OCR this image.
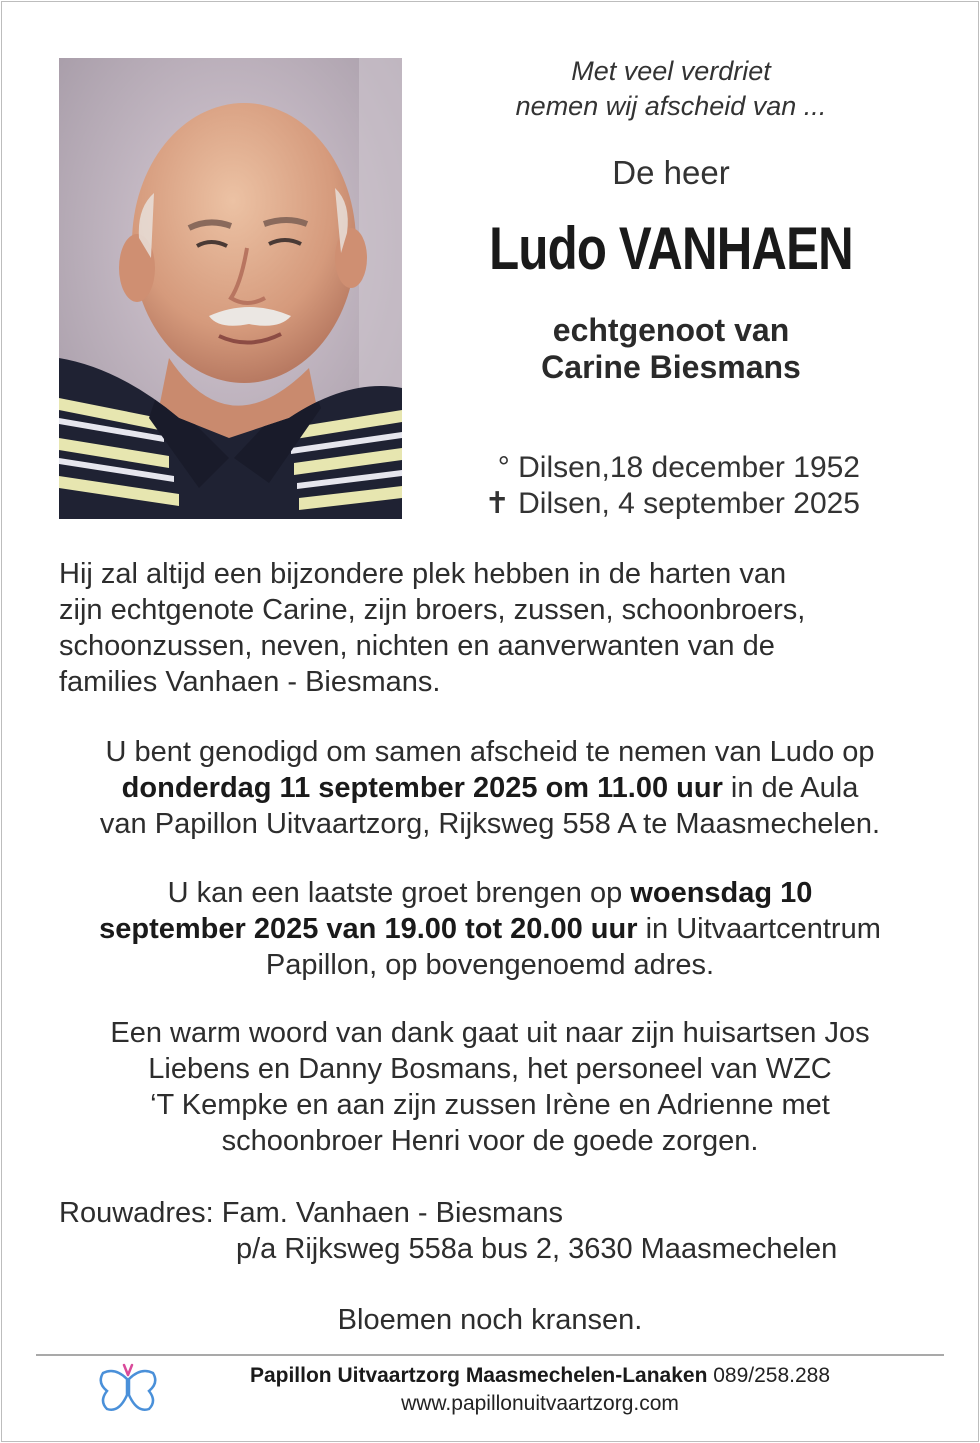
Met veel verdriet
nemen wij afscheid van ...
De heer
Ludo VANHAEN
echtgenoot van
Carine Biesmans
° Dilsen,18 december 1952
✝ Dilsen, 4 september 2025
Hij zal altijd een bijzondere plek hebben in de harten van
zijn echtgenote Carine, zijn broers, zussen, schoonbroers,
schoonzussen, neven, nichten en aanverwanten van de
families Vanhaen - Biesmans.
U bent genodigd om samen afscheid te nemen van Ludo op
donderdag 11 september 2025 om 11.00 uur in de Aula
van Papillon Uitvaartzorg, Rijksweg 558 A te Maasmechelen.
U kan een laatste groet brengen op woensdag 10
september 2025 van 19.00 tot 20.00 uur in Uitvaartcentrum
Papillon, op bovengenoemd adres.
Een warm woord van dank gaat uit naar zijn huisartsen Jos
Liebens en Danny Bosmans, het personeel van WZC
‘T Kempke en aan zijn zussen Irène en Adrienne met
schoonbroer Henri voor de goede zorgen.
Rouwadres: Fam. Vanhaen - Biesmans
p/a Rijksweg 558a bus 2, 3630 Maasmechelen
Bloemen noch kransen.
Papillon Uitvaartzorg Maasmechelen-Lanaken 089/258.288
www.papillonuitvaartzorg.com
